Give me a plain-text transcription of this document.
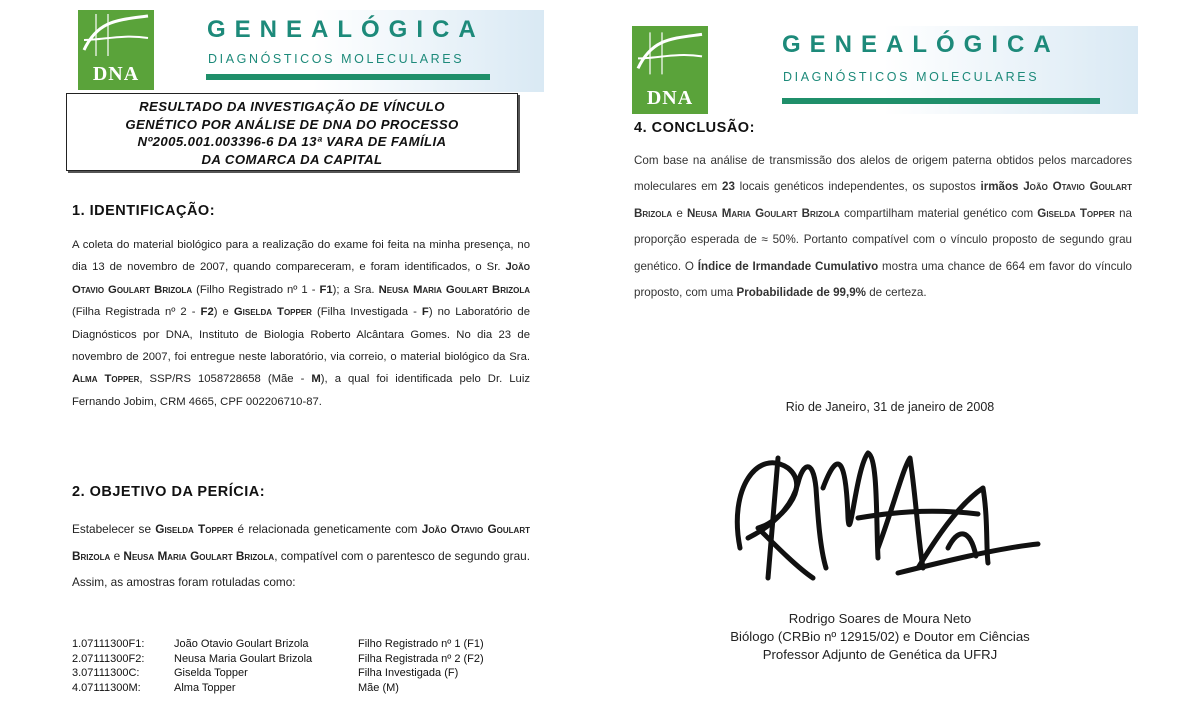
DNA
GENEALÓGICA
DIAGNÓSTICOS MOLECULARES
RESULTADO DA INVESTIGAÇÃO DE VÍNCULO
GENÉTICO POR ANÁLISE DE DNA DO PROCESSO
Nº2005.001.003396-6 DA 13ª VARA DE FAMÍLIA
DA COMARCA DA CAPITAL
1. IDENTIFICAÇÃO:
A coleta do material biológico para a realização do exame foi feita na minha presença, no dia 13 de novembro de 2007, quando compareceram, e foram identificados, o Sr. João Otavio Goulart Brizola (Filho Registrado nº 1 - F1); a Sra. Neusa Maria Goulart Brizola (Filha Registrada nº 2 - F2) e Giselda Topper (Filha Investigada - F) no Laboratório de Diagnósticos por DNA, Instituto de Biologia Roberto Alcântara Gomes. No dia 23 de novembro de 2007, foi entregue neste laboratório, via correio, o material biológico da Sra. Alma Topper, SSP/RS 1058728658 (Mãe - M), a qual foi identificada pelo Dr. Luiz Fernando Jobim, CRM 4665, CPF 002206710-87.
2. OBJETIVO DA PERÍCIA:
Estabelecer se Giselda Topper é relacionada geneticamente com João Otavio Goulart Brizola e Neusa Maria Goulart Brizola, compatível com o parentesco de segundo grau. Assim, as amostras foram rotuladas como:
1.07111300F1:	João Otavio Goulart Brizola	Filho Registrado nº 1 (F1)
2.07111300F2:	Neusa Maria Goulart Brizola	Filha Registrada nº 2 (F2)
3.07111300C:	Giselda Topper	Filha Investigada (F)
4.07111300M:	Alma Topper	Mãe (M)
DNA
GENEALÓGICA
DIAGNÓSTICOS MOLECULARES
4. CONCLUSÃO:
Com base na análise de transmissão dos alelos de origem paterna obtidos pelos marcadores moleculares em 23 locais genéticos independentes, os supostos irmãos João Otavio Goulart Brizola e Neusa Maria Goulart Brizola compartilham material genético com Giselda Topper na proporção esperada de ≈ 50%. Portanto compatível com o vínculo proposto de segundo grau genético. O Índice de Irmandade Cumulativo mostra uma chance de 664 em favor do vínculo proposto, com uma Probabilidade de 99,9% de certeza.
Rio de Janeiro, 31 de janeiro de 2008
Rodrigo Soares de Moura Neto
Biólogo (CRBio nº 12915/02) e Doutor em Ciências
Professor Adjunto de Genética da UFRJ
